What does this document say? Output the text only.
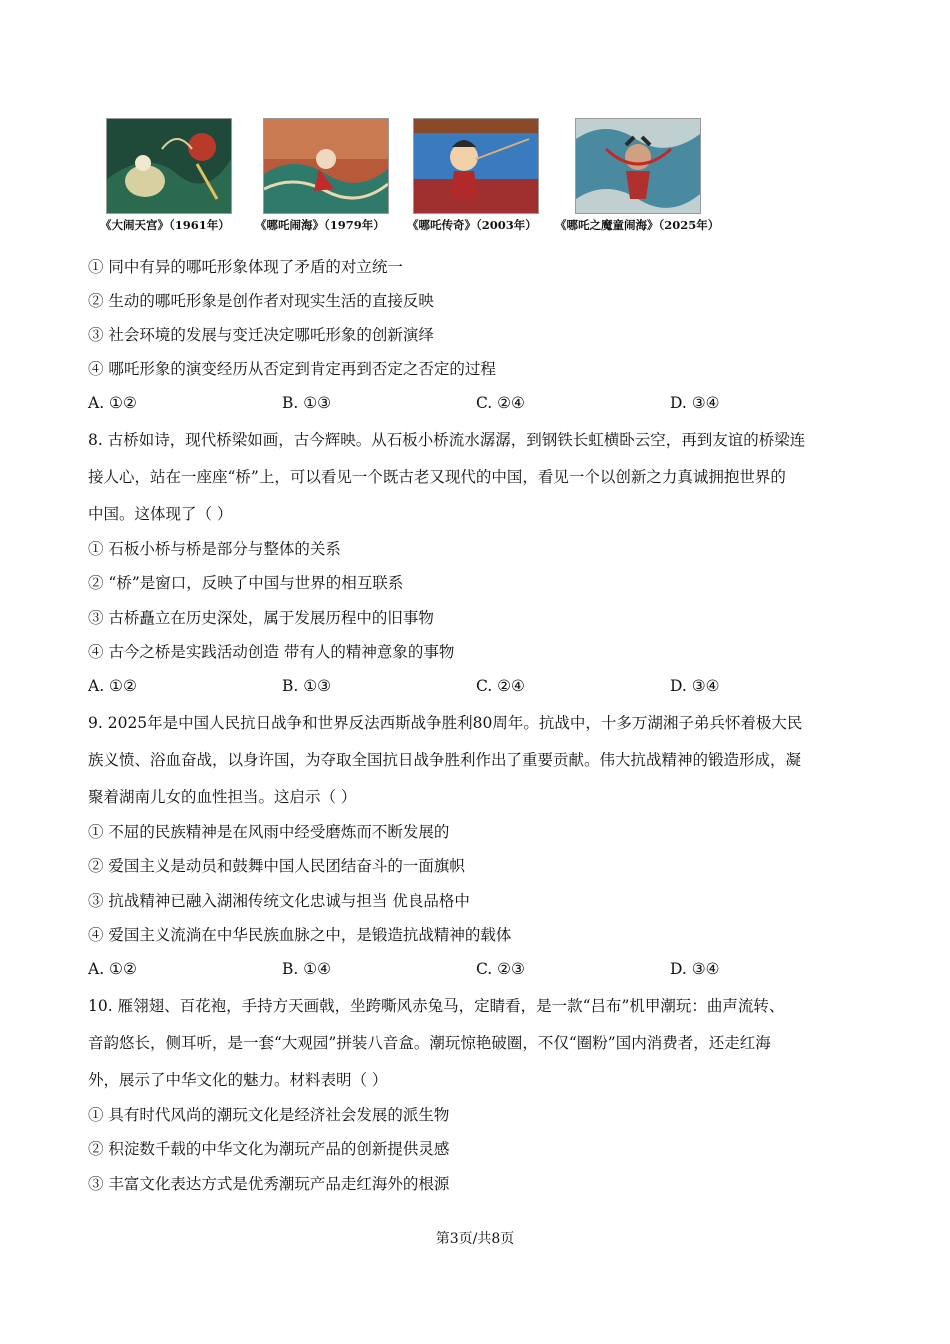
《大闹天宫》（1961年） 《哪吒闹海》（1979年） 《哪吒传奇》（2003年） 《哪吒之魔童闹海》（2025年）
① 同中有异的哪吒形象体现了矛盾的对立统一
② 生动的哪吒形象是创作者对现实生活的直接反映
③ 社会环境的发展与变迁决定哪吒形象的创新演绎
④ 哪吒形象的演变经历从否定到肯定再到否定之否定的过程
A. ①②	B. ①③	C. ②④	D. ③④
8. 古桥如诗，现代桥梁如画，古今辉映。从石板小桥流水潺潺，到钢铁长虹横卧云空，再到友谊的桥梁连
接人心，站在一座座“桥”上，可以看见一个既古老又现代的中国，看见一个以创新之力真诚拥抱世界的
中国。这体现了（ ）
① 石板小桥与桥是部分与整体的关系
② “桥”是窗口，反映了中国与世界的相互联系
③ 古桥矗立在历史深处，属于发展历程中的旧事物
④ 古今之桥是实践活动创造 带有人的精神意象的事物
A. ①②	B. ①③	C. ②④	D. ③④
9. 2025年是中国人民抗日战争和世界反法西斯战争胜利80周年。抗战中，十多万湖湘子弟兵怀着极大民
族义愤、浴血奋战，以身许国，为夺取全国抗日战争胜利作出了重要贡献。伟大抗战精神的锻造形成，凝
聚着湖南儿女的血性担当。这启示（ ）
① 不屈的民族精神是在风雨中经受磨炼而不断发展的
② 爱国主义是动员和鼓舞中国人民团结奋斗的一面旗帜
③ 抗战精神已融入湖湘传统文化忠诚与担当 优良品格中
④ 爱国主义流淌在中华民族血脉之中，是锻造抗战精神的载体
A. ①②	B. ①④	C. ②③	D. ③④
10. 雁翎翅、百花袍，手持方天画戟，坐跨嘶风赤兔马，定睛看，是一款“吕布”机甲潮玩：曲声流转、
音韵悠长，侧耳听，是一套“大观园”拼装八音盒。潮玩惊艳破圈，不仅“圈粉”国内消费者，还走红海
外，展示了中华文化的魅力。材料表明（ ）
① 具有时代风尚的潮玩文化是经济社会发展的派生物
② 积淀数千载的中华文化为潮玩产品的创新提供灵感
③ 丰富文化表达方式是优秀潮玩产品走红海外的根源
第3页/共8页
